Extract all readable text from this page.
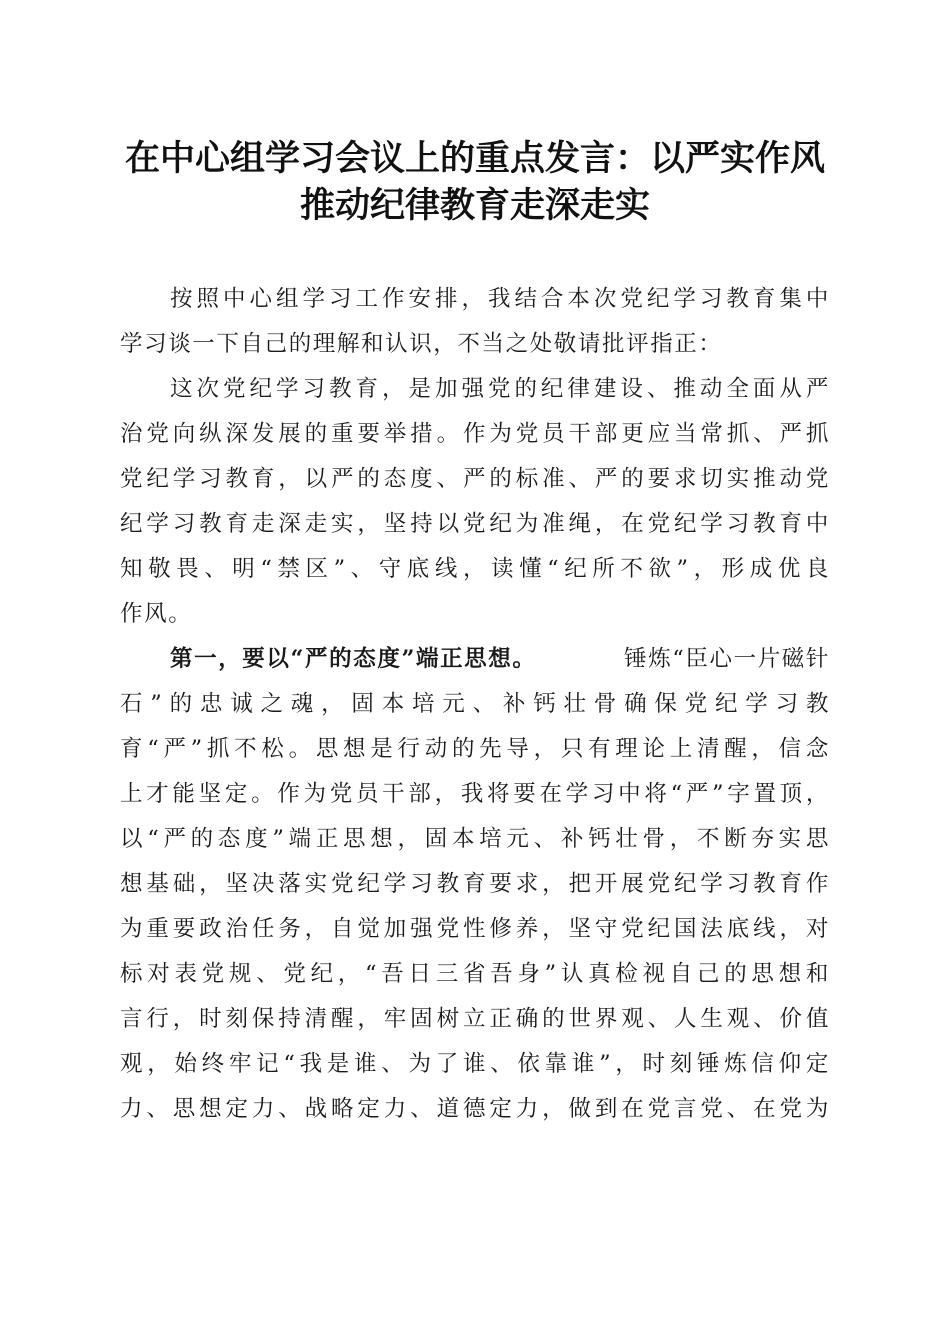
在中心组学习会议上的重点发言：以严实作风
推动纪律教育走深走实
按照中心组学习工作安排，我结合本次党纪学习教育集中
学习谈一下自己的理解和认识，不当之处敬请批评指正：
这次党纪学习教育，是加强党的纪律建设、推动全面从严
治党向纵深发展的重要举措。作为党员干部更应当常抓、严抓
党纪学习教育，以严的态度、严的标准、严的要求切实推动党
纪学习教育走深走实，坚持以党纪为准绳，在党纪学习教育中
知敬畏、明“禁区”、守底线，读懂“纪所不欲”，形成优良
作风。
第一，要以“严的态度”端正思想。	锤炼“臣心一片磁针
石”的忠诚之魂，固本培元、补钙壮骨确保党纪学习教
育“严”抓不松。思想是行动的先导，只有理论上清醒，信念
上才能坚定。作为党员干部，我将要在学习中将“严”字置顶，
以“严的态度”端正思想，固本培元、补钙壮骨，不断夯实思
想基础，坚决落实党纪学习教育要求，把开展党纪学习教育作
为重要政治任务，自觉加强党性修养，坚守党纪国法底线，对
标对表党规、党纪，“吾日三省吾身”认真检视自己的思想和
言行，时刻保持清醒，牢固树立正确的世界观、人生观、价值
观，始终牢记“我是谁、为了谁、依靠谁”，时刻锤炼信仰定
力、思想定力、战略定力、道德定力，做到在党言党、在党为
